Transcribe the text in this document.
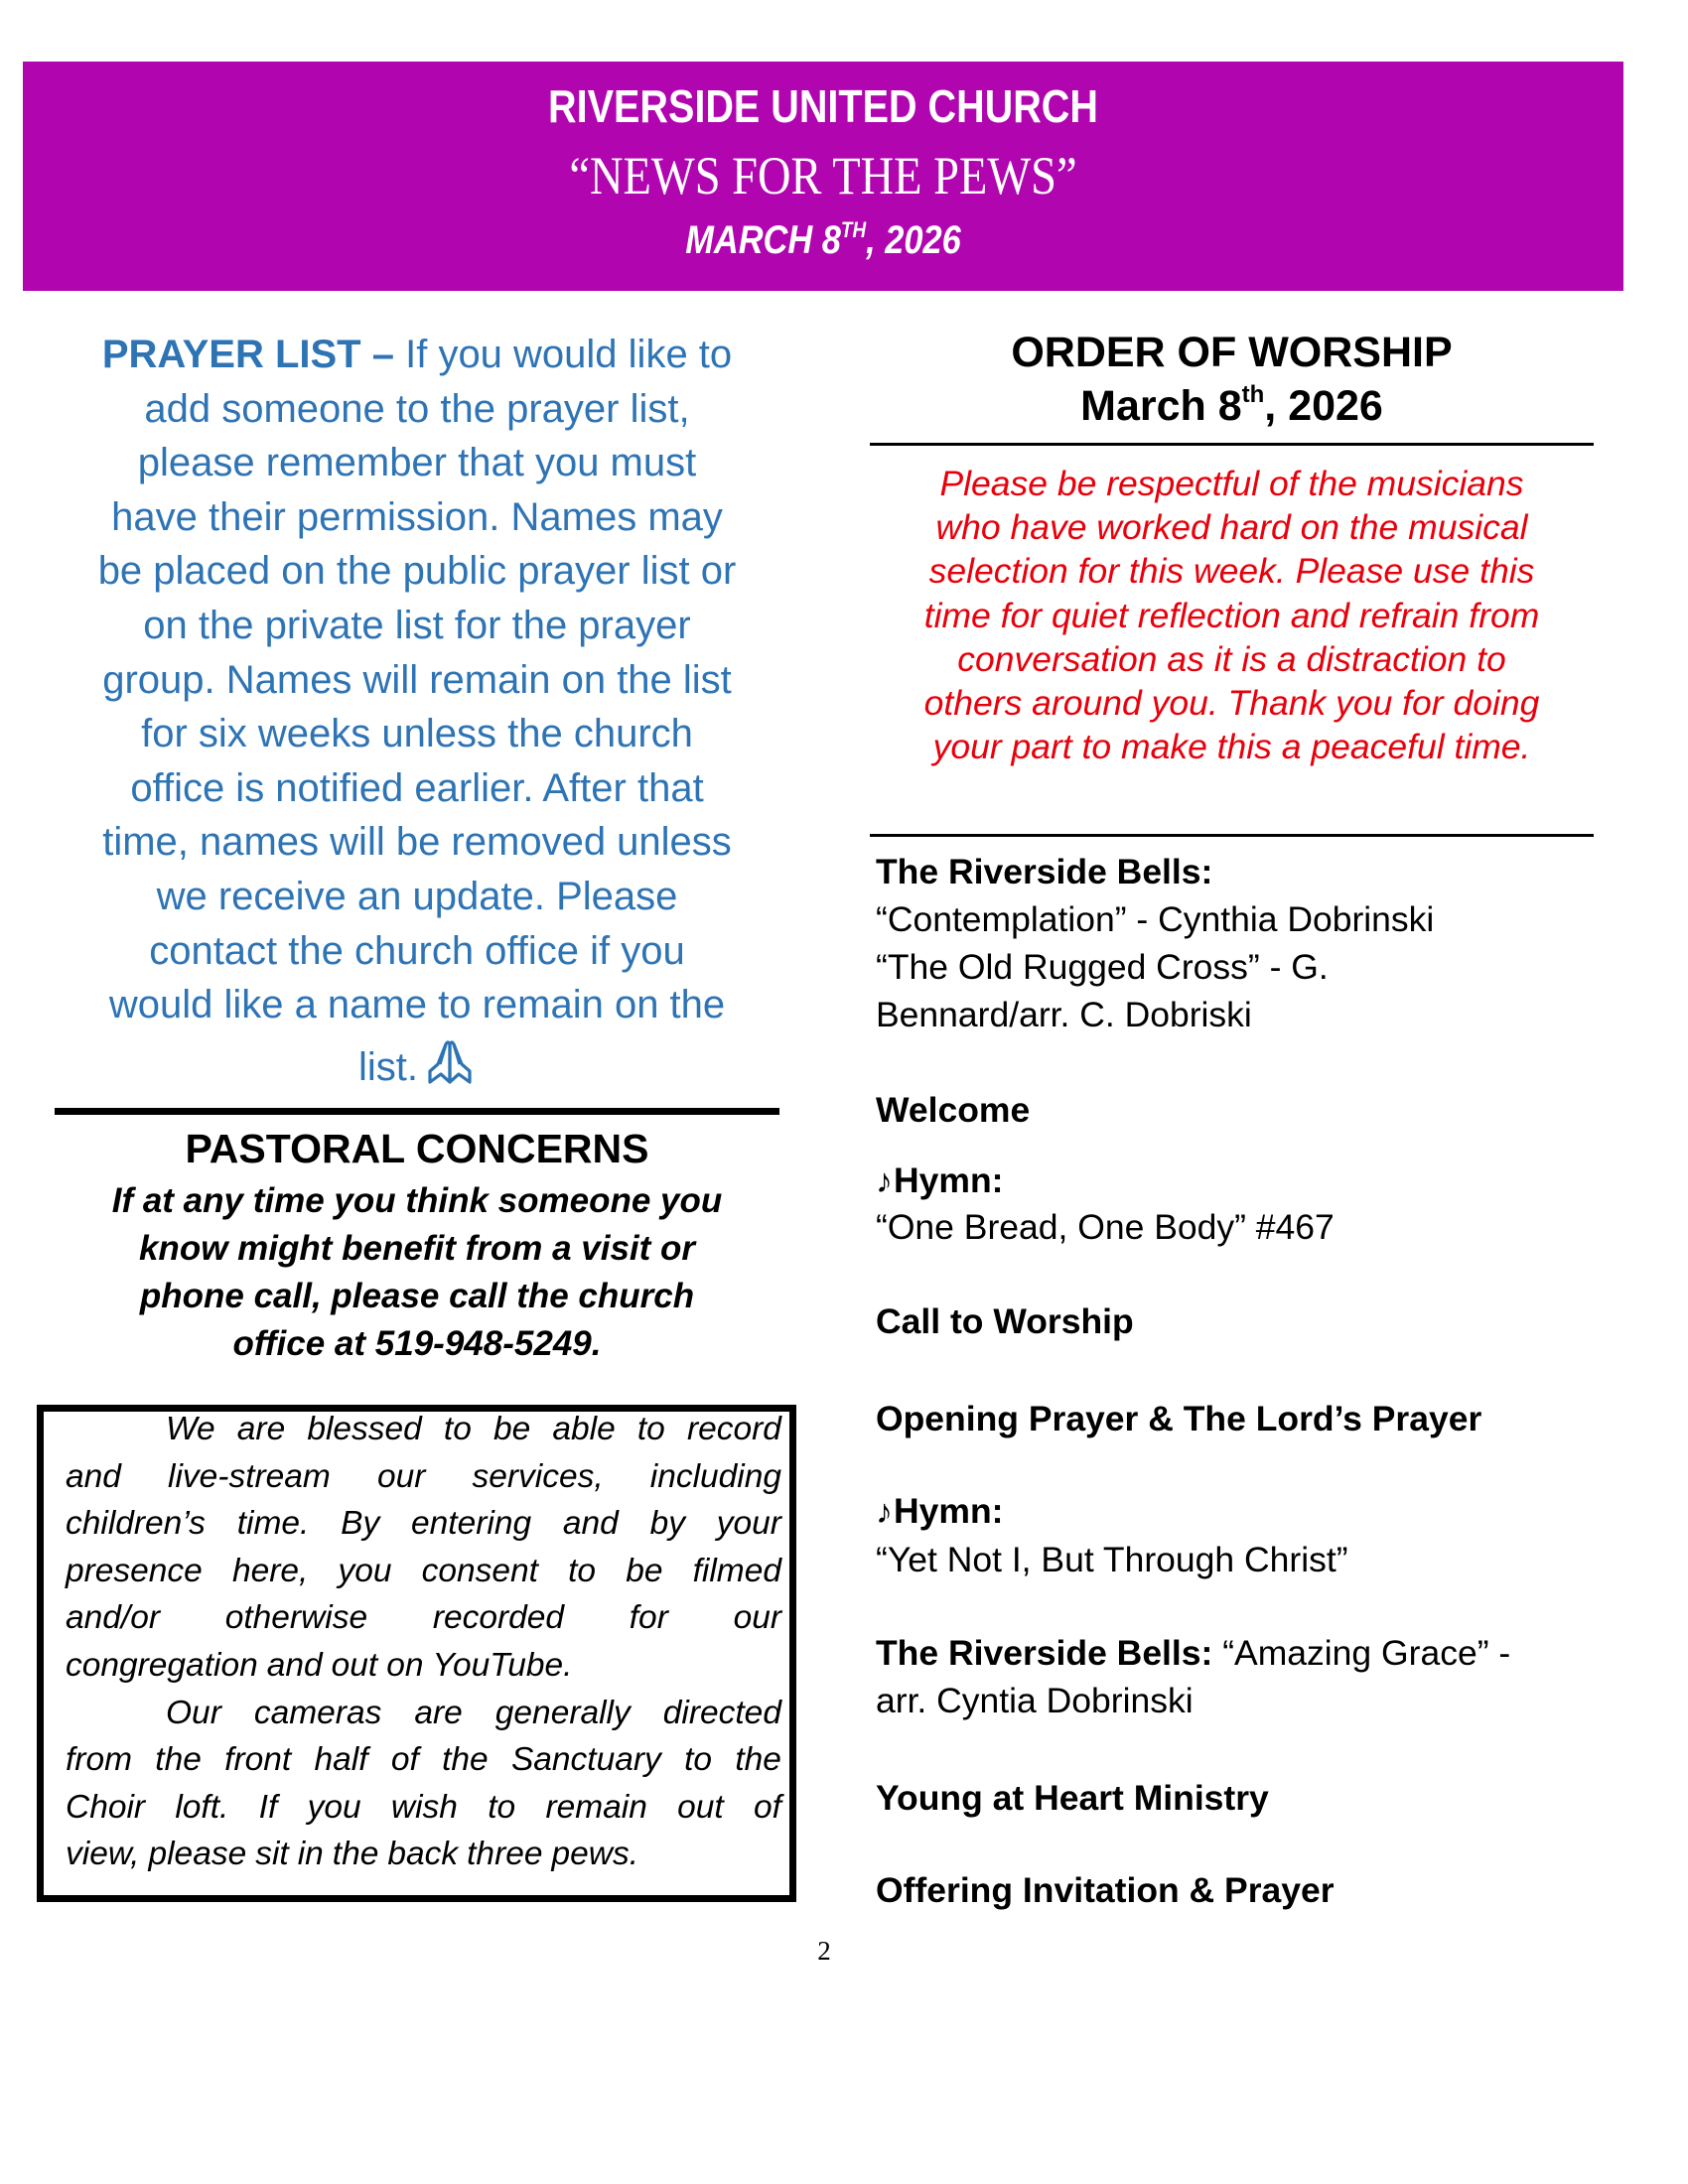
RIVERSIDE UNITED CHURCH
“NEWS FOR THE PEWS”
MARCH 8TH, 2026
PRAYER LIST – If you would like to
add someone to the prayer list,
please remember that you must
have their permission. Names may
be placed on the public prayer list or
on the private list for the prayer
group. Names will remain on the list
for six weeks unless the church
office is notified earlier. After that
time, names will be removed unless
we receive an update. Please
contact the church office if you
would like a name to remain on the
list.
PASTORAL CONCERNS
If at any time you think someone you
know might benefit from a visit or
phone call, please call the church
office at 519-948-5249.
We are blessed to be able to record
and live-stream our services, including
children’s time. By entering and by your
presence here, you consent to be filmed
and/or otherwise recorded for our
congregation and out on YouTube.
Our cameras are generally directed
from the front half of the Sanctuary to the
Choir loft. If you wish to remain out of
view, please sit in the back three pews.
2
ORDER OF WORSHIP
March 8th, 2026
Please be respectful of the musicians
who have worked hard on the musical
selection for this week. Please use this
time for quiet reflection and refrain from
conversation as it is a distraction to
others around you. Thank you for doing
your part to make this a peaceful time.
The Riverside Bells:
“Contemplation” - Cynthia Dobrinski
“The Old Rugged Cross” - G.
Bennard/arr. C. Dobriski
Welcome
♪Hymn:
“One Bread, One Body” #467
Call to Worship
Opening Prayer & The Lord’s Prayer
♪Hymn:
“Yet Not I, But Through Christ”
The Riverside Bells: “Amazing Grace” -
arr. Cyntia Dobrinski
Young at Heart Ministry
Offering Invitation & Prayer
